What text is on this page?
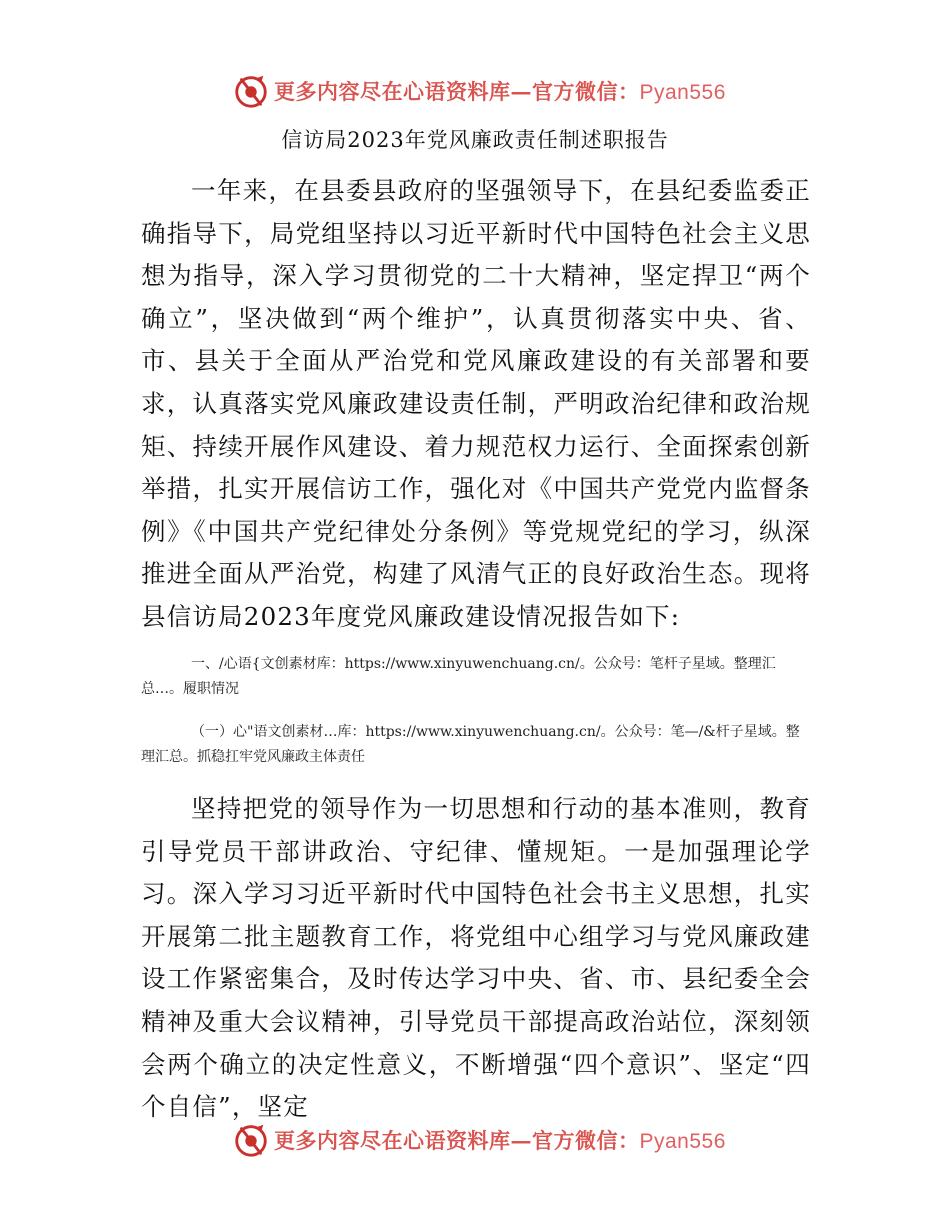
更多内容尽在心语资料库—官方微信：Pyan556
信访局2023年党风廉政责任制述职报告

一年来，在县委县政府的坚强领导下，在县纪委监委正确指导下，局党组坚持以习近平新时代中国特色社会主义思想为指导，深入学习贯彻党的二十大精神，坚定捍卫“两个确立”，坚决做到“两个维护”，认真贯彻落实中央、省、市、县关于全面从严治党和党风廉政建设的有关部署和要求，认真落实党风廉政建设责任制，严明政治纪律和政治规矩、持续开展作风建设、着力规范权力运行、全面探索创新举措，扎实开展信访工作，强化对《中国共产党党内监督条例》《中国共产党纪律处分条例》等党规党纪的学习，纵深推进全面从严治党，构建了风清气正的良好政治生态。现将县信访局2023年度党风廉政建设情况报告如下:

一、/心语{文创素材库：https://www.xinyuwenchuang.cn/。公众号：笔杆子星域。整理汇总…。履职情况

（一）心"语文创素材…库：https://www.xinyuwenchuang.cn/。公众号：笔—/&杆子星域。整理汇总。抓稳扛牢党风廉政主体责任

坚持把党的领导作为一切思想和行动的基本准则，教育引导党员干部讲政治、守纪律、懂规矩。一是加强理论学习。深入学习习近平新时代中国特色社会书主义思想，扎实开展第二批主题教育工作，将党组中心组学习与党风廉政建设工作紧密集合，及时传达学习中央、省、市、县纪委全会精神及重大会议精神，引导党员干部提高政治站位，深刻领会两个确立的决定性意义，不断增强“四个意识”、坚定“四个自信”，坚定

更多内容尽在心语资料库—官方微信：Pyan556
